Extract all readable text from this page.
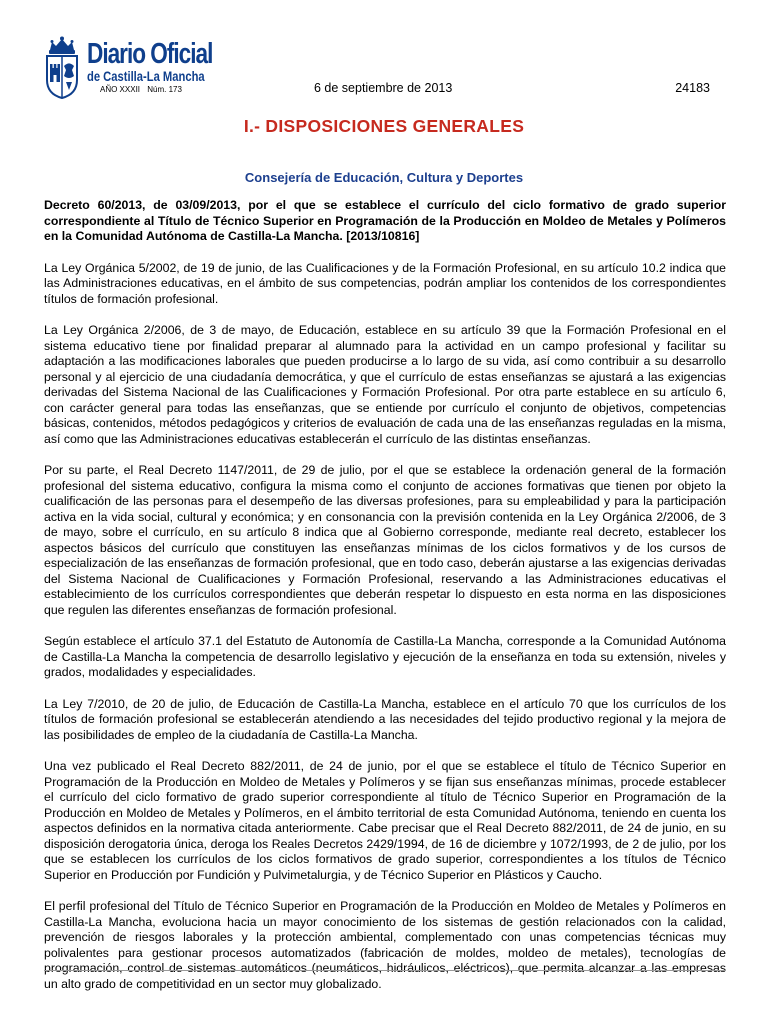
Diario Oficial
de Castilla-La Mancha
AÑO XXXII Núm. 173	6 de septiembre de 2013	24183
I.- DISPOSICIONES GENERALES
Consejería de Educación, Cultura y Deportes

Decreto 60/2013, de 03/09/2013, por el que se establece el currículo del ciclo formativo de grado superior correspondiente al Título de Técnico Superior en Programación de la Producción en Moldeo de Metales y Polímeros en la Comunidad Autónoma de Castilla-La Mancha. [2013/10816]

La Ley Orgánica 5/2002, de 19 de junio, de las Cualificaciones y de la Formación Profesional, en su artículo 10.2 indica que las Administraciones educativas, en el ámbito de sus competencias, podrán ampliar los contenidos de los correspondientes títulos de formación profesional.

La Ley Orgánica 2/2006, de 3 de mayo, de Educación, establece en su artículo 39 que la Formación Profesional en el sistema educativo tiene por finalidad preparar al alumnado para la actividad en un campo profesional y facilitar su adaptación a las modificaciones laborales que pueden producirse a lo largo de su vida, así como contribuir a su desarrollo personal y al ejercicio de una ciudadanía democrática, y que el currículo de estas enseñanzas se ajustará a las exigencias derivadas del Sistema Nacional de las Cualificaciones y Formación Profesional. Por otra parte establece en su artículo 6, con carácter general para todas las enseñanzas, que se entiende por currículo el conjunto de objetivos, competencias básicas, contenidos, métodos pedagógicos y criterios de evaluación de cada una de las enseñanzas reguladas en la misma, así como que las Administraciones educativas establecerán el currículo de las distintas enseñanzas.

Por su parte, el Real Decreto 1147/2011, de 29 de julio, por el que se establece la ordenación general de la formación profesional del sistema educativo, configura la misma como el conjunto de acciones formativas que tienen por objeto la cualificación de las personas para el desempeño de las diversas profesiones, para su empleabilidad y para la participación activa en la vida social, cultural y económica; y en consonancia con la previsión contenida en la Ley Orgánica 2/2006, de 3 de mayo, sobre el currículo, en su artículo 8 indica que al Gobierno corresponde, mediante real decreto, establecer los aspectos básicos del currículo que constituyen las enseñanzas mínimas de los ciclos formativos y de los cursos de especialización de las enseñanzas de formación profesional, que en todo caso, deberán ajustarse a las exigencias derivadas del Sistema Nacional de Cualificaciones y Formación Profesional, reservando a las Administraciones educativas el establecimiento de los currículos correspondientes que deberán respetar lo dispuesto en esta norma en las disposiciones que regulen las diferentes enseñanzas de formación profesional.

Según establece el artículo 37.1 del Estatuto de Autonomía de Castilla-La Mancha, corresponde a la Comunidad Autónoma de Castilla-La Mancha la competencia de desarrollo legislativo y ejecución de la enseñanza en toda su extensión, niveles y grados, modalidades y especialidades.

La Ley 7/2010, de 20 de julio, de Educación de Castilla-La Mancha, establece en el artículo 70 que los currículos de los títulos de formación profesional se establecerán atendiendo a las necesidades del tejido productivo regional y la mejora de las posibilidades de empleo de la ciudadanía de Castilla-La Mancha.

Una vez publicado el Real Decreto 882/2011, de 24 de junio, por el que se establece el título de Técnico Superior en Programación de la Producción en Moldeo de Metales y Polímeros y se fijan sus enseñanzas mínimas, procede establecer el currículo del ciclo formativo de grado superior correspondiente al título de Técnico Superior en Programación de la Producción en Moldeo de Metales y Polímeros, en el ámbito territorial de esta Comunidad Autónoma, teniendo en cuenta los aspectos definidos en la normativa citada anteriormente. Cabe precisar que el Real Decreto 882/2011, de 24 de junio, en su disposición derogatoria única, deroga los Reales Decretos 2429/1994, de 16 de diciembre y 1072/1993, de 2 de julio, por los que se establecen los currículos de los ciclos formativos de grado superior, correspondientes a los títulos de Técnico Superior en Producción por Fundición y Pulvimetalurgia, y de Técnico Superior en Plásticos y Caucho.

El perfil profesional del Título de Técnico Superior en Programación de la Producción en Moldeo de Metales y Polímeros en Castilla-La Mancha, evoluciona hacia un mayor conocimiento de los sistemas de gestión relacionados con la calidad, prevención de riesgos laborales y la protección ambiental, complementado con unas competencias técnicas muy polivalentes para gestionar procesos automatizados (fabricación de moldes, moldeo de metales), tecnologías de programación, control de sistemas automáticos (neumáticos, hidráulicos, eléctricos), que permita alcanzar a las empresas un alto grado de competitividad en un sector muy globalizado.
